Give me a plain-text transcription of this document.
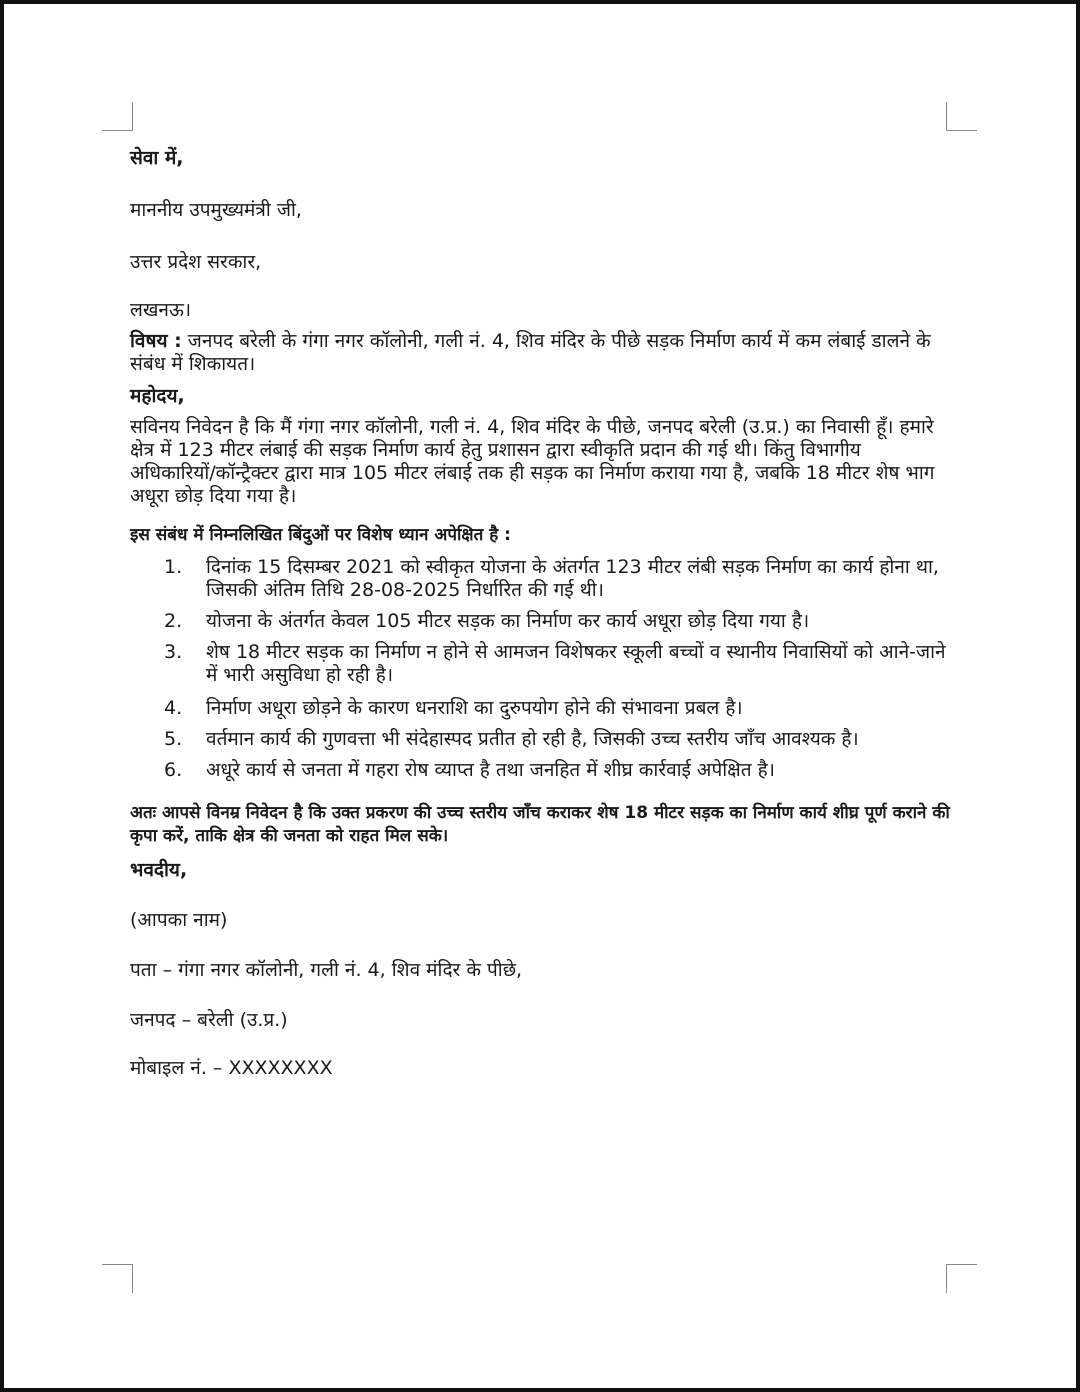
सेवा में,
माननीय उपमुख्यमंत्री जी,
उत्तर प्रदेश सरकार,
लखनऊ।
विषय : जनपद बरेली के गंगा नगर कॉलोनी, गली नं. 4, शिव मंदिर के पीछे सड़क निर्माण कार्य में कम लंबाई डालने के संबंध में शिकायत।
महोदय,
सविनय निवेदन है कि मैं गंगा नगर कॉलोनी, गली नं. 4, शिव मंदिर के पीछे, जनपद बरेली (उ.प्र.) का निवासी हूँ। हमारे क्षेत्र में 123 मीटर लंबाई की सड़क निर्माण कार्य हेतु प्रशासन द्वारा स्वीकृति प्रदान की गई थी। किंतु विभागीय अधिकारियों/कॉन्ट्रैक्टर द्वारा मात्र 105 मीटर लंबाई तक ही सड़क का निर्माण कराया गया है, जबकि 18 मीटर शेष भाग अधूरा छोड़ दिया गया है।
इस संबंध में निम्नलिखित बिंदुओं पर विशेष ध्यान अपेक्षित है :
1. दिनांक 15 दिसम्बर 2021 को स्वीकृत योजना के अंतर्गत 123 मीटर लंबी सड़क निर्माण का कार्य होना था, जिसकी अंतिम तिथि 28-08-2025 निर्धारित की गई थी।
2. योजना के अंतर्गत केवल 105 मीटर सड़क का निर्माण कर कार्य अधूरा छोड़ दिया गया है।
3. शेष 18 मीटर सड़क का निर्माण न होने से आमजन विशेषकर स्कूली बच्चों व स्थानीय निवासियों को आने-जाने में भारी असुविधा हो रही है।
4. निर्माण अधूरा छोड़ने के कारण धनराशि का दुरुपयोग होने की संभावना प्रबल है।
5. वर्तमान कार्य की गुणवत्ता भी संदेहास्पद प्रतीत हो रही है, जिसकी उच्च स्तरीय जाँच आवश्यक है।
6. अधूरे कार्य से जनता में गहरा रोष व्याप्त है तथा जनहित में शीघ्र कार्रवाई अपेक्षित है।
अतः आपसे विनम्र निवेदन है कि उक्त प्रकरण की उच्च स्तरीय जाँच कराकर शेष 18 मीटर सड़क का निर्माण कार्य शीघ्र पूर्ण कराने की कृपा करें, ताकि क्षेत्र की जनता को राहत मिल सके।
भवदीय,
(आपका नाम)
पता – गंगा नगर कॉलोनी, गली नं. 4, शिव मंदिर के पीछे,
जनपद – बरेली (उ.प्र.)
मोबाइल नं. – XXXXXXXX
